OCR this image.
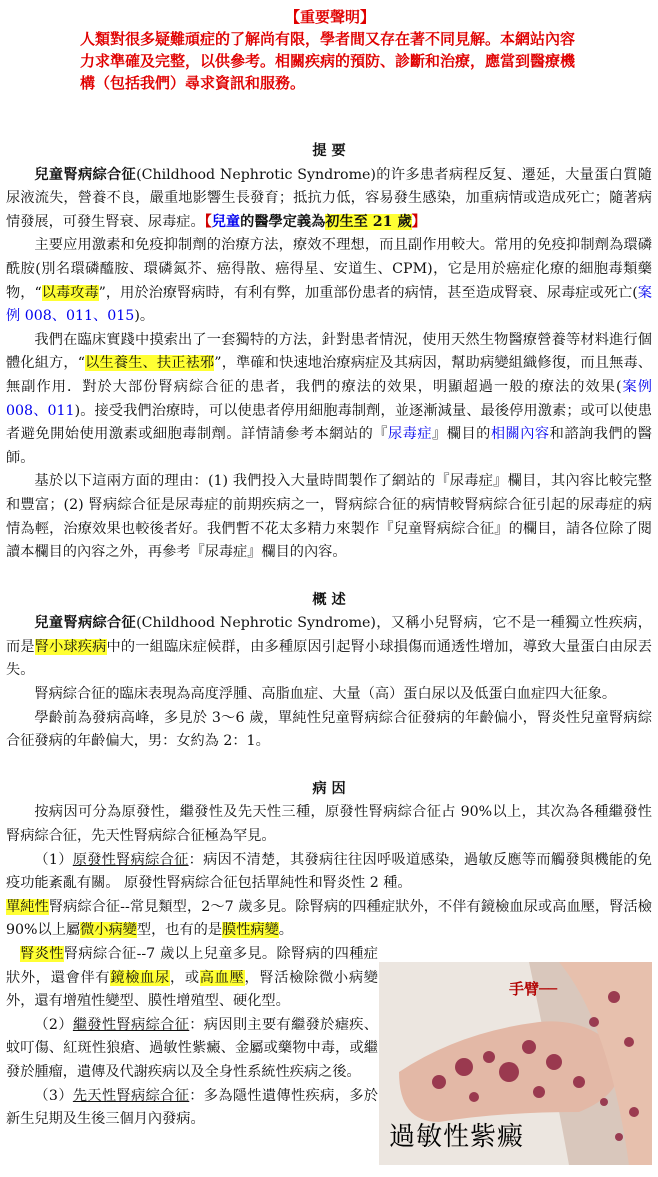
【重要聲明】
人類對很多疑難頑症的了解尚有限，學者間又存在著不同見解。本網站內容力求準確及完整，以供參考。相關疾病的預防、診斷和治療，應當到醫療機構（包括我們）尋求資訊和服務。

提 要

兒童腎病綜合征(Childhood Nephrotic Syndrome)的许多患者病程反复、遷延，大量蛋白質隨尿液流失，營養不良，嚴重地影響生長發育；抵抗力低，容易發生感染，加重病情或造成死亡；隨著病情發展，可發生腎衰、尿毒症。【兒童的醫學定義為初生至 21 歲】

主要应用激素和免疫抑制劑的治療方法，療效不理想，而且副作用較大。常用的免疫抑制劑為環磷酰胺(別名環磷醯胺、環磷氮芥、癌得散、癌得星、安道生、CPM)，它是用於癌症化療的細胞毒類藥物，“以毒攻毒”，用於治療腎病時，有利有弊，加重部份患者的病情，甚至造成腎衰、尿毒症或死亡(案例 008、011、015)。

我們在臨床實踐中摸索出了一套獨特的方法，針對患者情況，使用天然生物醫療營養等材料進行個體化組方，“以生養生、扶正袪邪”，準確和快速地治療病症及其病因，幫助病變組織修復，而且無毒、無副作用．對於大部份腎病綜合征的患者，我們的療法的效果，明顯超過一般的療法的效果(案例 008、011)。接受我們治療時，可以使患者停用細胞毒制劑，並逐漸減量、最後停用激素；或可以使患者避免開始使用激素或細胞毒制劑。詳情請參考本網站的『尿毒症』欄目的相關內容和諮詢我們的醫師。

基於以下這兩方面的理由：(1) 我們投入大量時間製作了網站的『尿毒症』欄目，其內容比較完整和豐富；(2) 腎病綜合征是尿毒症的前期疾病之一，腎病綜合征的病情較腎病綜合征引起的尿毒症的病情為輕，治療效果也較後者好。我們暫不花太多精力來製作『兒童腎病綜合征』的欄目，請各位除了閱讀本欄目的內容之外，再參考『尿毒症』欄目的內容。

概 述

兒童腎病綜合征(Childhood Nephrotic Syndrome)，又稱小兒腎病，它不是一種獨立性疾病，而是腎小球疾病中的一組臨床症候群，由多種原因引起腎小球損傷而通透性增加，導致大量蛋白由尿丟失。

腎病綜合征的臨床表現為高度浮腫、高脂血症、大量（高）蛋白尿以及低蛋白血症四大征象。

學齡前為發病高峰，多見於 3～6 歲，單純性兒童腎病綜合征發病的年齡偏小，腎炎性兒童腎病綜合征發病的年齡偏大，男：女約為 2：1。

病 因

按病因可分為原發性，繼發性及先天性三種，原發性腎病綜合征占 90%以上，其次為各種繼發性腎病綜合征，先天性腎病綜合征極為罕見。

（1）原發性腎病綜合征：病因不清楚，其發病往往因呼吸道感染，過敏反應等而觸發與機能的免疫功能紊亂有關。 原發性腎病綜合征包括單純性和腎炎性 2 種。

單純性腎病綜合征--常見類型，2～7 歲多見。除腎病的四種症狀外，不伴有鏡檢血尿或高血壓，腎活檢 90%以上屬微小病變型，也有的是膜性病變。

腎炎性腎病綜合征--7 歲以上兒童多見。除腎病的四種症狀外，還會伴有鏡檢血尿，或高血壓，腎活檢除微小病變外，還有增殖性變型、膜性增殖型、硬化型。

（2）繼發性腎病綜合征：病因則主要有繼發於瘧疾、蚊叮傷、紅斑性狼瘡、過敏性紫癜、金屬或藥物中毒，或繼發於腫瘤，遺傳及代謝疾病以及全身性系統性疾病之後。

（3）先天性腎病綜合征：多為隱性遺傳性疾病，多於新生兒期及生後三個月內發病。

手臂──
過敏性紫癜
